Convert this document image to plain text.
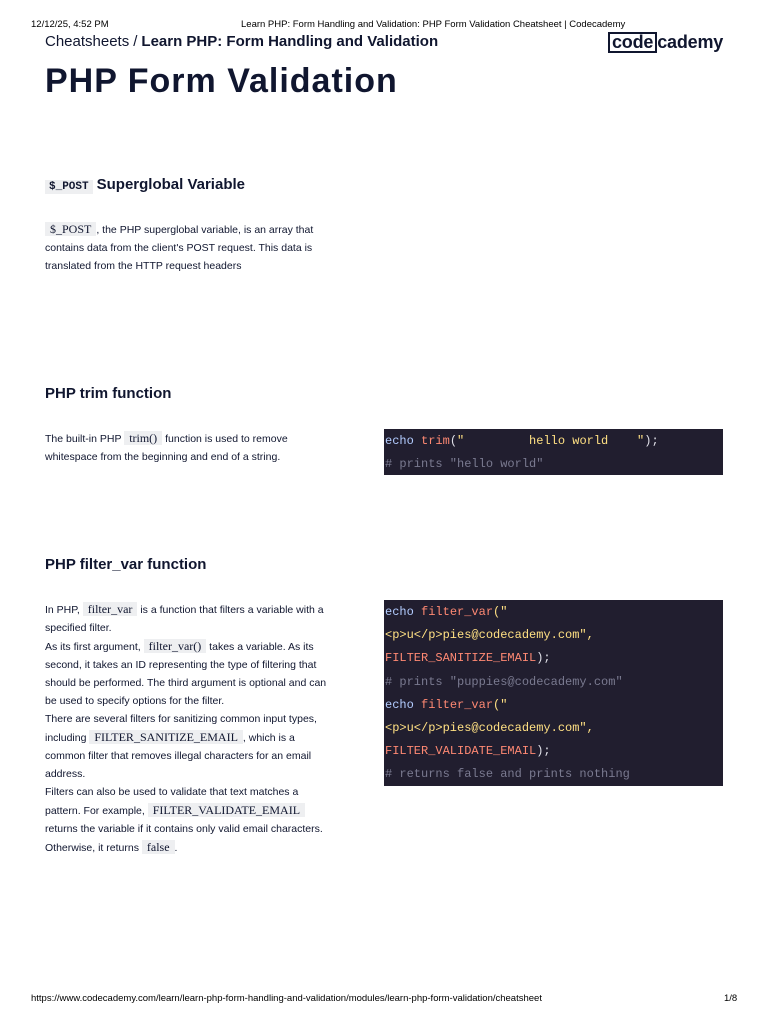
12/12/25, 4:52 PM	Learn PHP: Form Handling and Validation: PHP Form Validation Cheatsheet | Codecademy
Cheatsheets / Learn PHP: Form Handling and Validation	code cademy
PHP Form Validation
$_POST Superglobal Variable

$_POST , the PHP superglobal variable, is an array that contains data from the client's POST request. This data is translated from the HTTP request headers

PHP trim function

The built-in PHP trim() function is used to remove whitespace from the beginning and end of a string.

echo trim("         hello world    ");
# prints "hello world"
PHP filter_var function

In PHP, filter_var is a function that filters a variable with a specified filter.

As its first argument, filter_var() takes a variable. As its second, it takes an ID representing the type of filtering that should be performed. The third argument is optional and can be used to specify options for the filter.

There are several filters for sanitizing common input types, including FILTER_SANITIZE_EMAIL , which is a common filter that removes illegal characters for an email address.

Filters can also be used to validate that text matches a pattern. For example, FILTER_VALIDATE_EMAIL returns the variable if it contains only valid email characters. Otherwise, it returns false .

echo filter_var("
<p>u</p>pies@codecademy.com",
FILTER_SANITIZE_EMAIL);
# prints "puppies@codecademy.com"
echo filter_var("
<p>u</p>pies@codecademy.com",
FILTER_VALIDATE_EMAIL);
# returns false and prints nothing
https://www.codecademy.com/learn/learn-php-form-handling-and-validation/modules/learn-php-form-validation/cheatsheet	1/8
